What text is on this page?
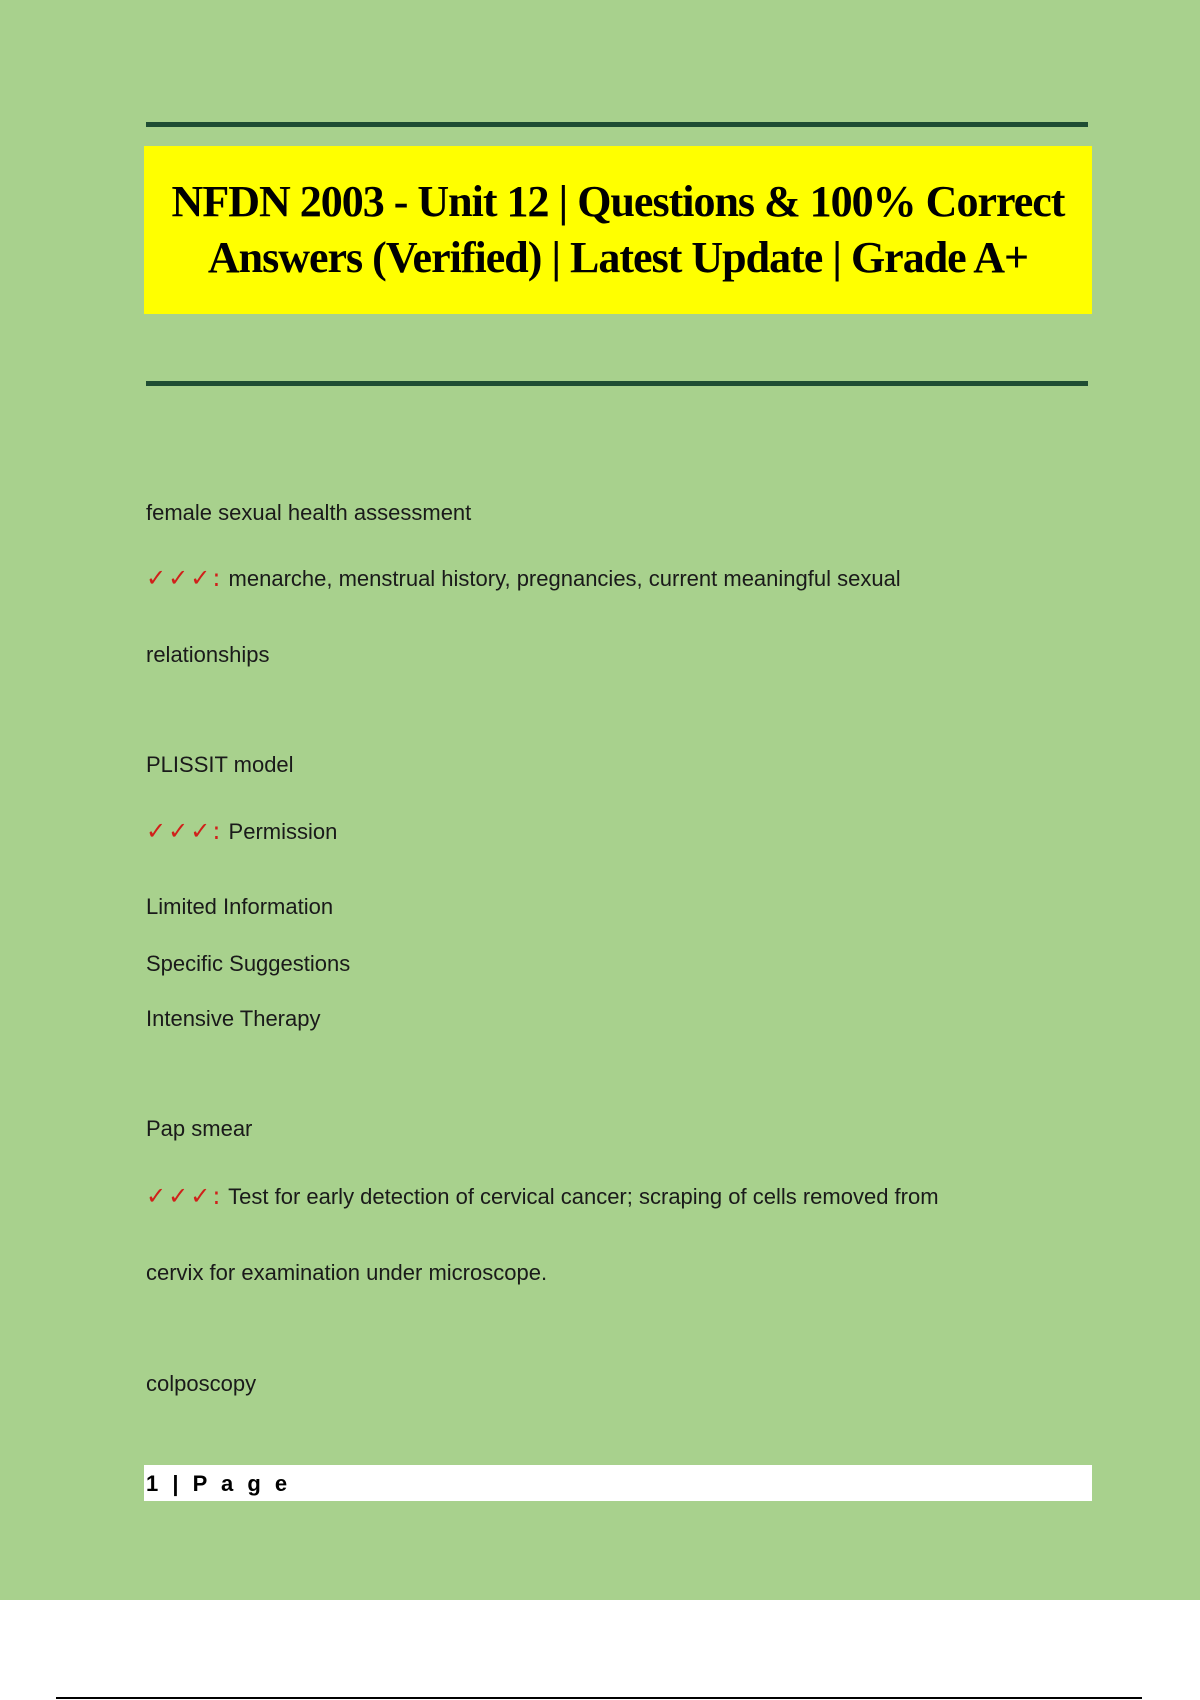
NFDN 2003 - Unit 12 | Questions & 100% Correct Answers (Verified) | Latest Update | Grade A+
female sexual health assessment
✓✓✓: menarche, menstrual history, pregnancies, current meaningful sexual
relationships
PLISSIT model
✓✓✓: Permission
Limited Information
Specific Suggestions
Intensive Therapy
Pap smear
✓✓✓: Test for early detection of cervical cancer; scraping of cells removed from
cervix for examination under microscope.
colposcopy
1 | P a g e
